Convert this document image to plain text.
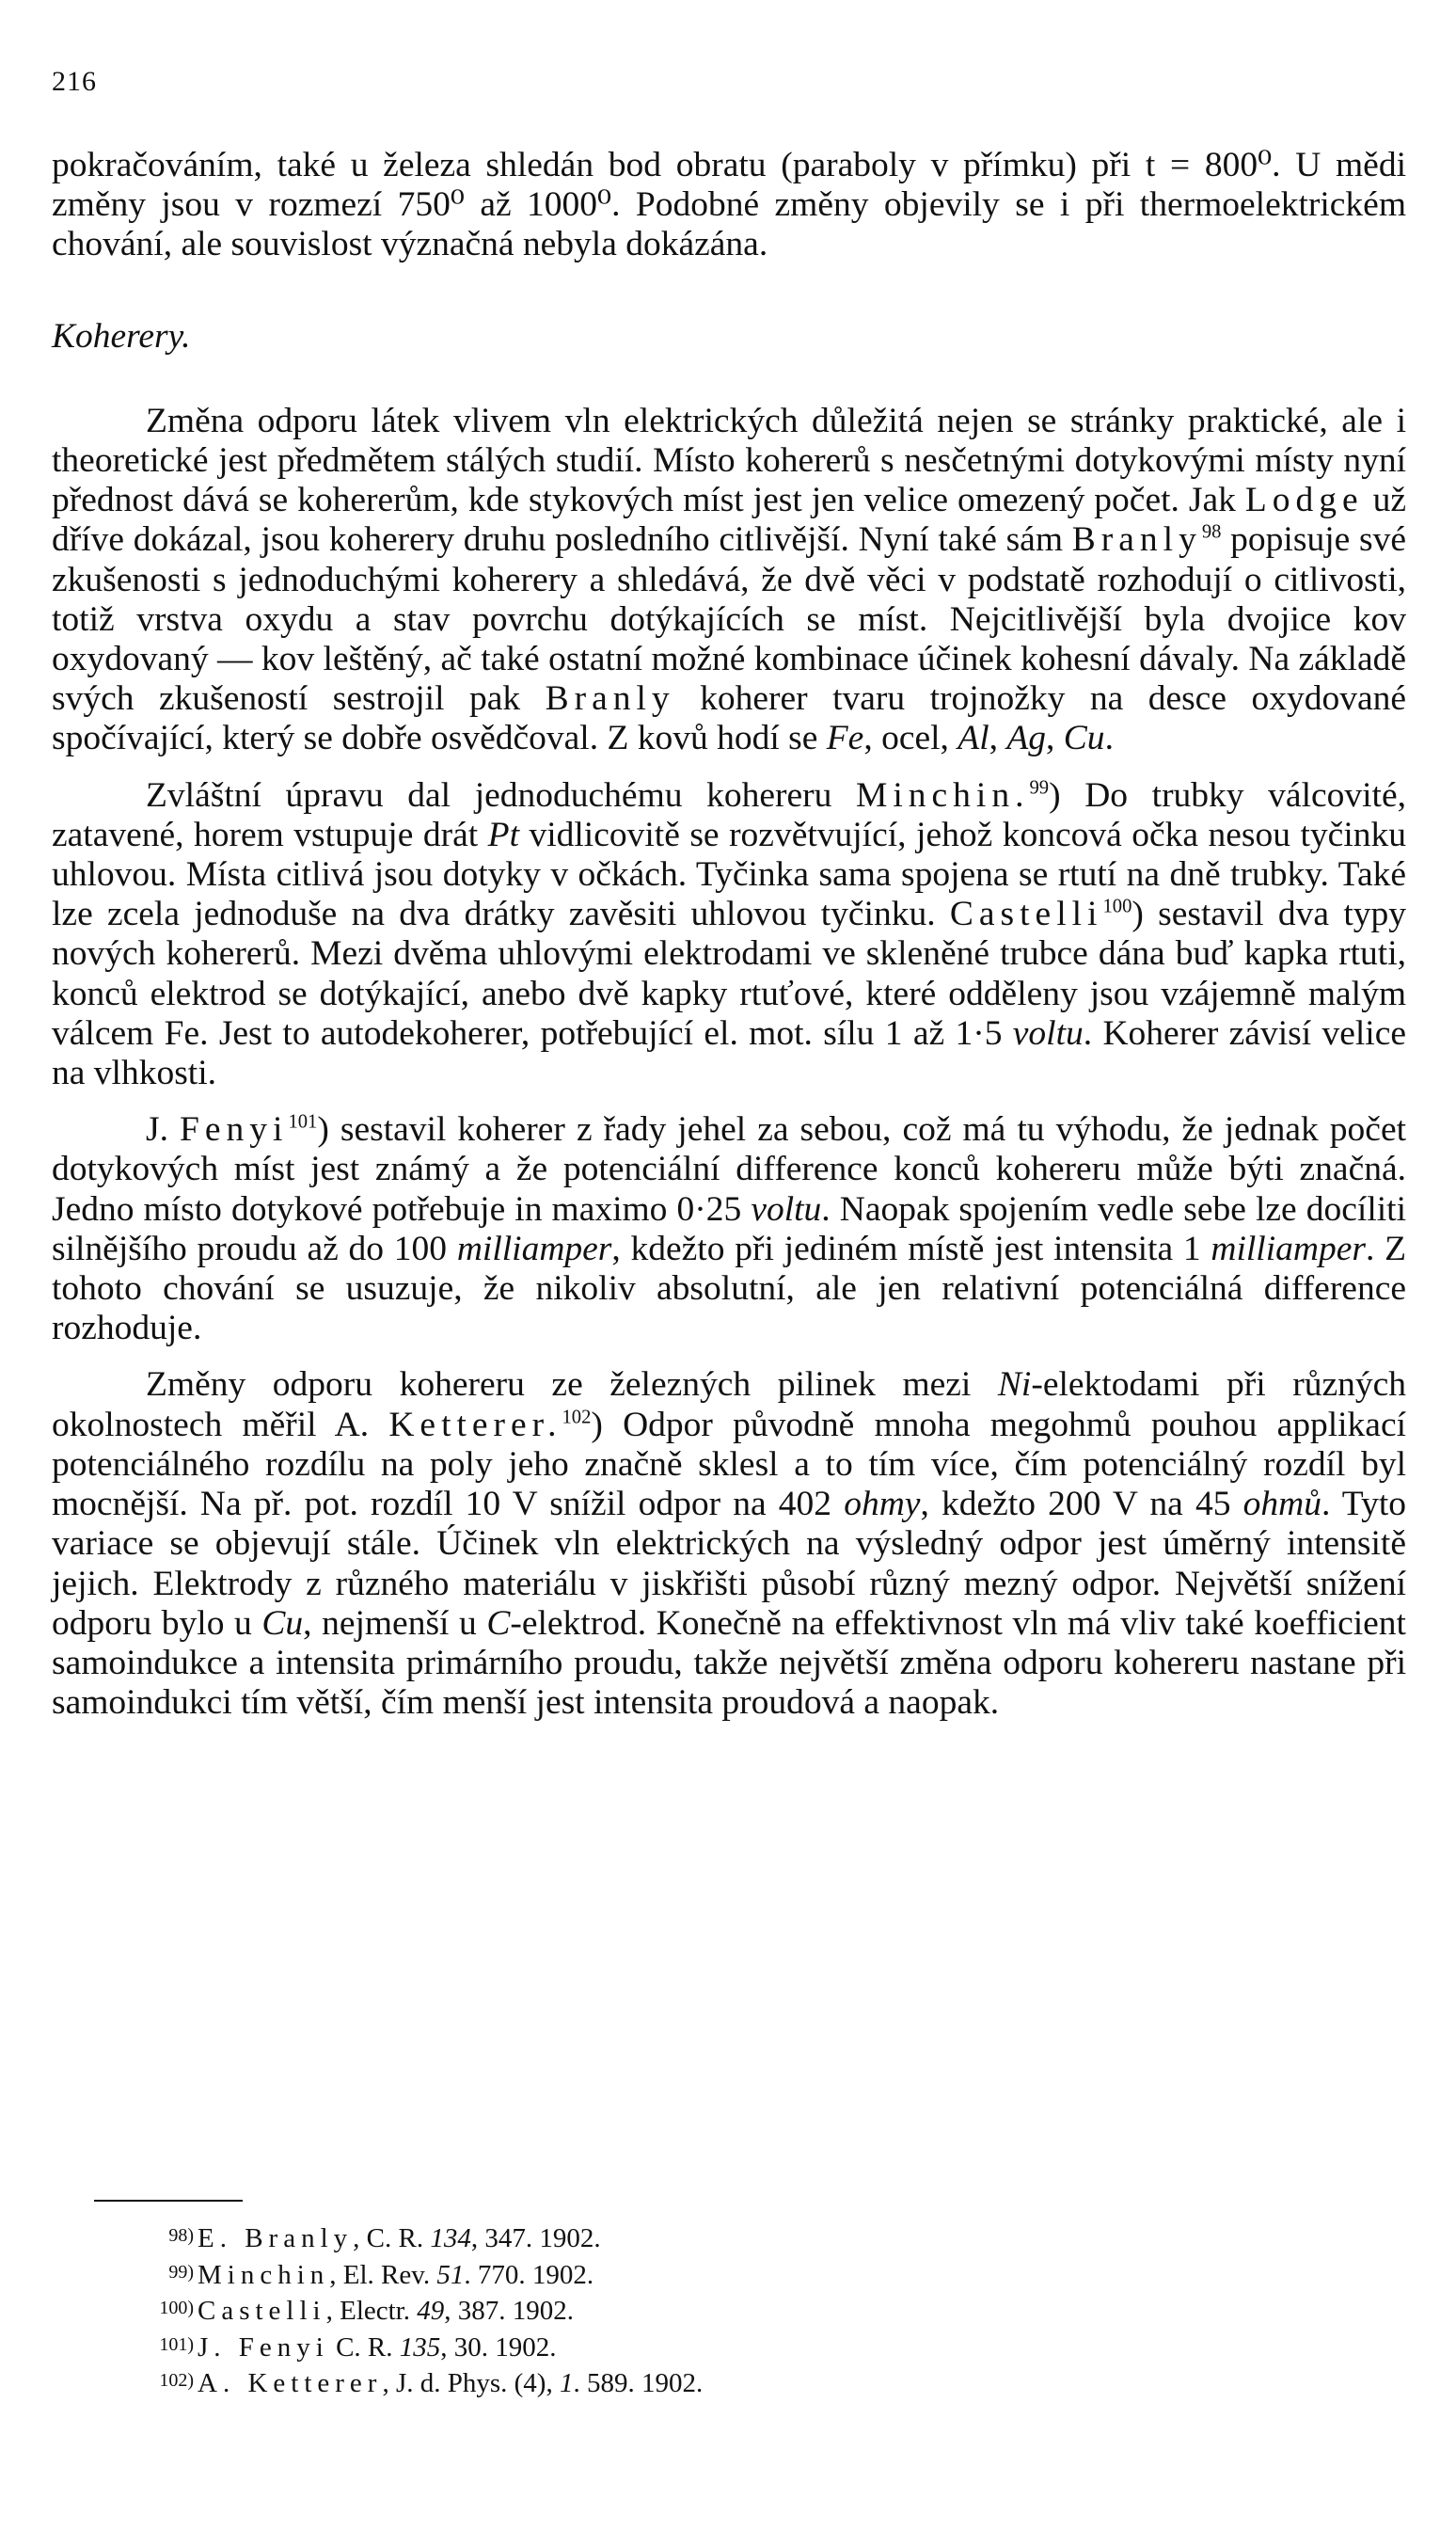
216

pokračováním, také u železa shledán bod obratu (paraboly v přímku) při t = 800⁰. U mědi změny jsou v rozmezí 750⁰ až 1000⁰. Podobné změny objevily se i při thermoelektrickém chování, ale souvislost význačná nebyla dokázána.

Koherery.

Změna odporu látek vlivem vln elektrických důležitá nejen se stránky praktické, ale i theoretické jest předmětem stálých studií. Místo kohererů s nesčetnými dotykovými místy nyní přednost dává se kohererům, kde stykových míst jest jen velice omezený počet. Jak Lodge už dříve dokázal, jsou koherery druhu posledního citlivější. Nyní také sám Branly$^{98}$ popisuje své zkušenosti s jednoduchými koherery a shledává, že dvě věci v podstatě rozhodují o citlivosti, totiž vrstva oxydu a stav povrchu dotýkajících se míst. Nejcitlivější byla dvojice kov oxydovaný — kov leštěný, ač také ostatní možné kombinace účinek kohesní dávaly. Na základě svých zkušeností sestrojil pak Branly koherer tvaru trojnožky na desce oxydované spočívající, který se dobře osvědčoval. Z kovů hodí se Fe, ocel, Al, Ag, Cu.

Zvláštní úpravu dal jednoduchému kohereru Minchin.$^{99}$) Do trubky válcovité, zatavené, horem vstupuje drát Pt vidlicovitě se rozvětvující, jehož koncová očka nesou tyčinku uhlovou. Místa citlivá jsou dotyky v očkách. Tyčinka sama spojena se rtutí na dně trubky. Také lze zcela jednoduše na dva drátky zavěsiti uhlovou tyčinku. Castelli$^{100}$) sestavil dva typy nových kohererů. Mezi dvěma uhlovými elektrodami ve skleněné trubce dána buď kapka rtuti, konců elektrod se dotýkající, anebo dvě kapky rtuťové, které odděleny jsou vzájemně malým válcem Fe. Jest to autodekoherer, potřebující el. mot. sílu 1 až 1·5 voltu. Koherer závisí velice na vlhkosti.

J. Fenyi$^{101}$) sestavil koherer z řady jehel za sebou, což má tu výhodu, že jednak počet dotykových míst jest známý a že potenciální difference konců kohereru může býti značná. Jedno místo dotykové potřebuje in maximo 0·25 voltu. Naopak spojením vedle sebe lze docíliti silnějšího proudu až do 100 milliamper, kdežto při jediném místě jest intensita 1 milliamper. Z tohoto chování se usuzuje, že nikoliv absolutní, ale jen relativní potenciálná difference rozhoduje.

Změny odporu kohereru ze železných pilinek mezi Ni-elektodami při různých okolnostech měřil A. Ketterer.$^{102}$) Odpor původně mnoha megohmů pouhou applikací potenciálného rozdílu na poly jeho značně sklesl a to tím více, čím potenciálný rozdíl byl mocnější. Na př. pot. rozdíl 10 V snížil odpor na 402 ohmy, kdežto 200 V na 45 ohmů. Tyto variace se objevují stále. Účinek vln elektrických na výsledný odpor jest úměrný intensitě jejich. Elektrody z různého materiálu v jiskřišti působí různý mezný odpor. Největší snížení odporu bylo u Cu, nejmenší u C-elektrod. Konečně na effektivnost vln má vliv také koefficient samoindukce a intensita primárního proudu, takže největší změna odporu kohereru nastane při samoindukci tím větší, čím menší jest intensita proudová a naopak.

98) E. Branly, C. R. 134, 347. 1902.
99) Minchin, El. Rev. 51. 770. 1902.
100) Castelli, Electr. 49, 387. 1902.
101) J. Fenyi C. R. 135, 30. 1902.
102) A. Ketterer, J. d. Phys. (4), 1. 589. 1902.
